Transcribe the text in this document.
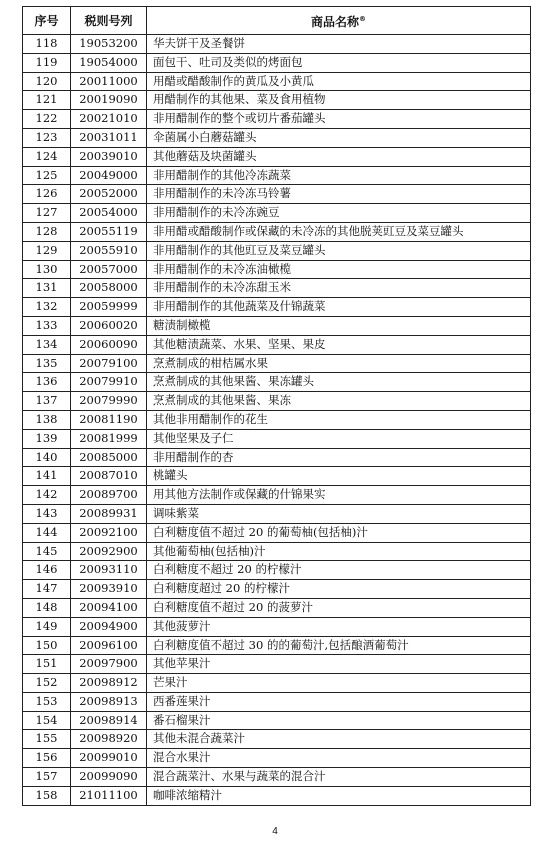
序号	税则号列	商品名称®
118	19053200	华夫饼干及圣餐饼
119	19054000	面包干、吐司及类似的烤面包
120	20011000	用醋或醋酸制作的黄瓜及小黄瓜
121	20019090	用醋制作的其他果、菜及食用植物
122	20021010	非用醋制作的整个或切片番茄罐头
123	20031011	伞菌属小白蘑菇罐头
124	20039010	其他蘑菇及块菌罐头
125	20049000	非用醋制作的其他冷冻蔬菜
126	20052000	非用醋制作的未冷冻马铃薯
127	20054000	非用醋制作的未冷冻豌豆
128	20055119	非用醋或醋酸制作或保藏的未冷冻的其他脱荚豇豆及菜豆罐头
129	20055910	非用醋制作的其他豇豆及菜豆罐头
130	20057000	非用醋制作的未冷冻油橄榄
131	20058000	非用醋制作的未冷冻甜玉米
132	20059999	非用醋制作的其他蔬菜及什锦蔬菜
133	20060020	糖渍制橄榄
134	20060090	其他糖渍蔬菜、水果、坚果、果皮
135	20079100	烹煮制成的柑桔属水果
136	20079910	烹煮制成的其他果酱、果冻罐头
137	20079990	烹煮制成的其他果酱、果冻
138	20081190	其他非用醋制作的花生
139	20081999	其他坚果及子仁
140	20085000	非用醋制作的杏
141	20087010	桃罐头
142	20089700	用其他方法制作或保藏的什锦果实
143	20089931	调味紫菜
144	20092100	白利糖度值不超过 20 的葡萄柚(包括柚)汁
145	20092900	其他葡萄柚(包括柚)汁
146	20093110	白利糖度不超过 20 的柠檬汁
147	20093910	白利糖度超过 20 的柠檬汁
148	20094100	白利糖度值不超过 20 的菠萝汁
149	20094900	其他菠萝汁
150	20096100	白利糖度值不超过 30 的的葡萄汁,包括酿酒葡萄汁
151	20097900	其他苹果汁
152	20098912	芒果汁
153	20098913	西番莲果汁
154	20098914	番石榴果汁
155	20098920	其他未混合蔬菜汁
156	20099010	混合水果汁
157	20099090	混合蔬菜汁、水果与蔬菜的混合汁
158	21011100	咖啡浓缩精汁
4
